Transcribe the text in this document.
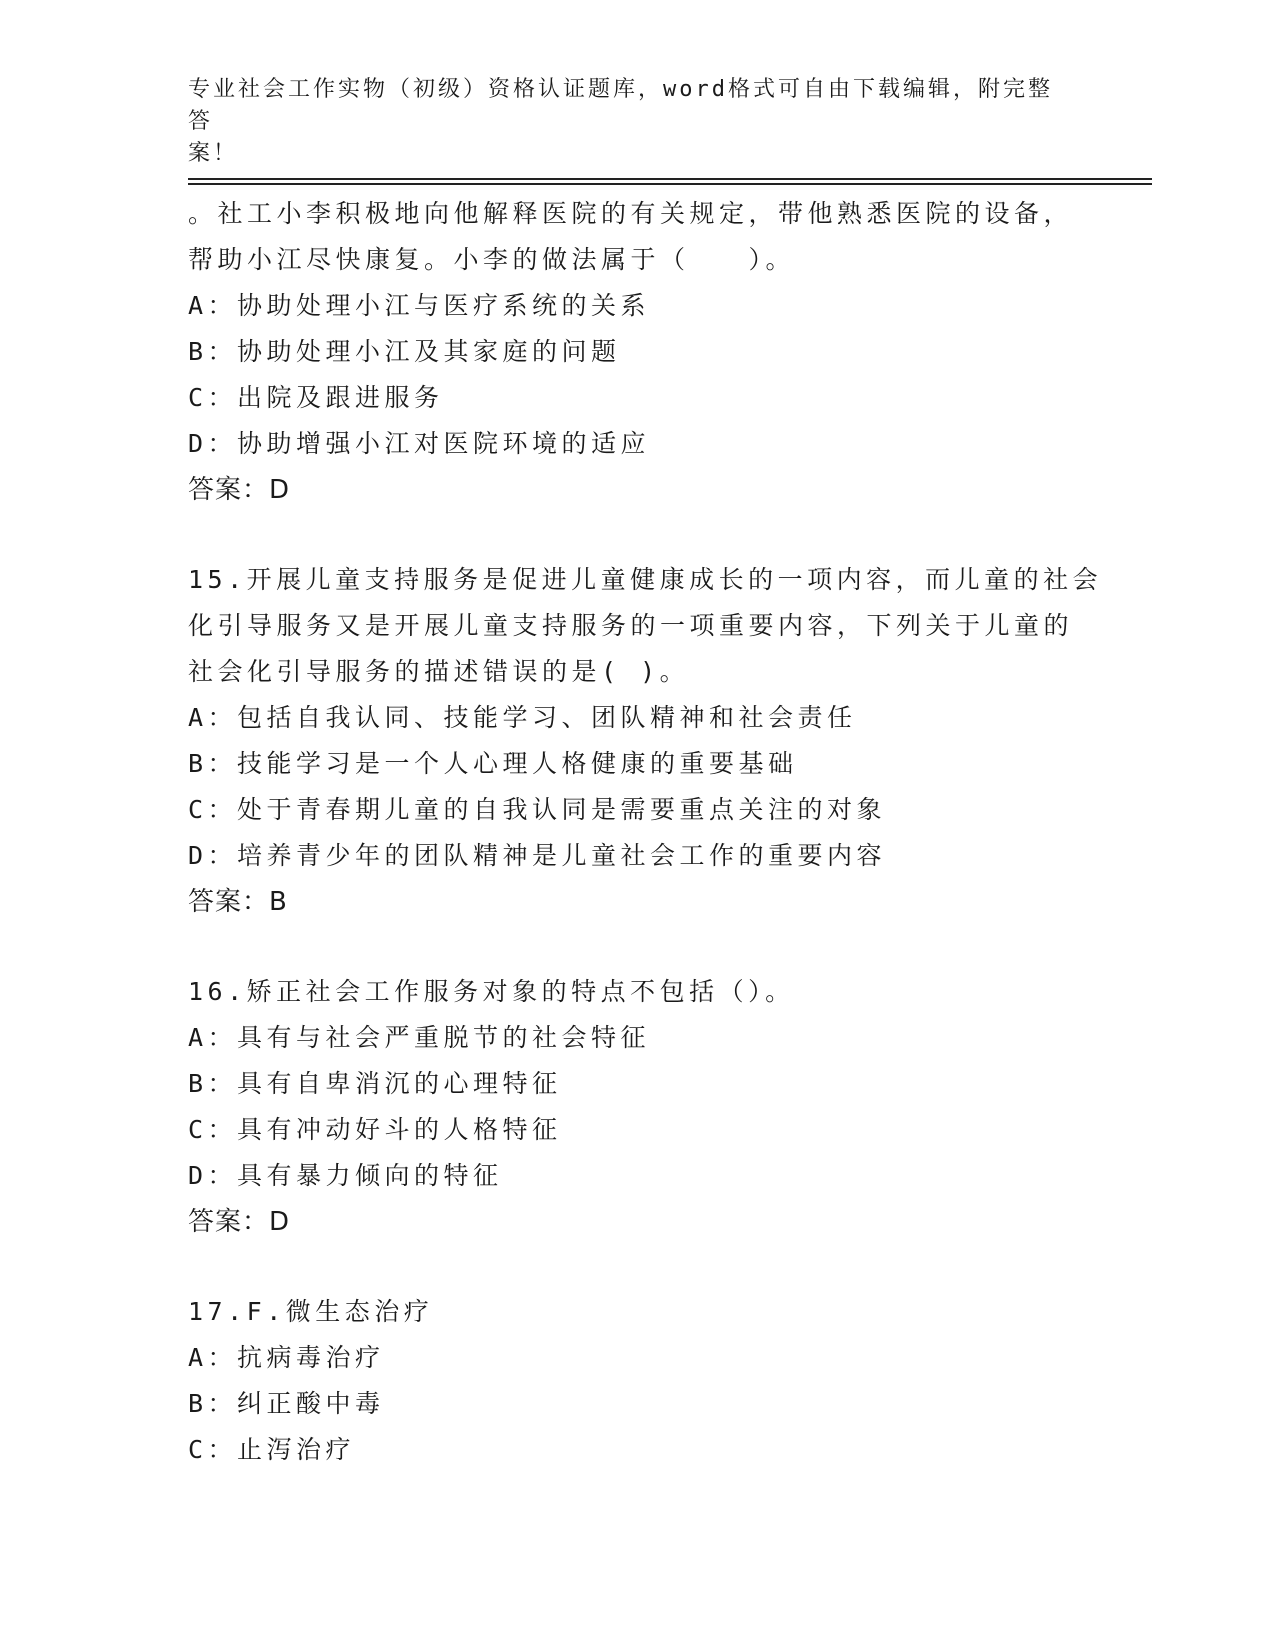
专业社会工作实物（初级）资格认证题库，word格式可自由下载编辑，附完整答
案！
。社工小李积极地向他解释医院的有关规定，带他熟悉医院的设备，
帮助小江尽快康复。小李的做法属于（　　）。
A：协助处理小江与医疗系统的关系
B：协助处理小江及其家庭的问题
C：出院及跟进服务
D：协助增强小江对医院环境的适应
答案：D
15.开展儿童支持服务是促进儿童健康成长的一项内容，而儿童的社会
化引导服务又是开展儿童支持服务的一项重要内容，下列关于儿童的
社会化引导服务的描述错误的是( )。
A：包括自我认同、技能学习、团队精神和社会责任
B：技能学习是一个人心理人格健康的重要基础
C：处于青春期儿童的自我认同是需要重点关注的对象
D：培养青少年的团队精神是儿童社会工作的重要内容
答案：B
16.矫正社会工作服务对象的特点不包括（）。
A：具有与社会严重脱节的社会特征
B：具有自卑消沉的心理特征
C：具有冲动好斗的人格特征
D：具有暴力倾向的特征
答案：D
17.F.微生态治疗
A：抗病毒治疗
B：纠正酸中毒
C：止泻治疗
